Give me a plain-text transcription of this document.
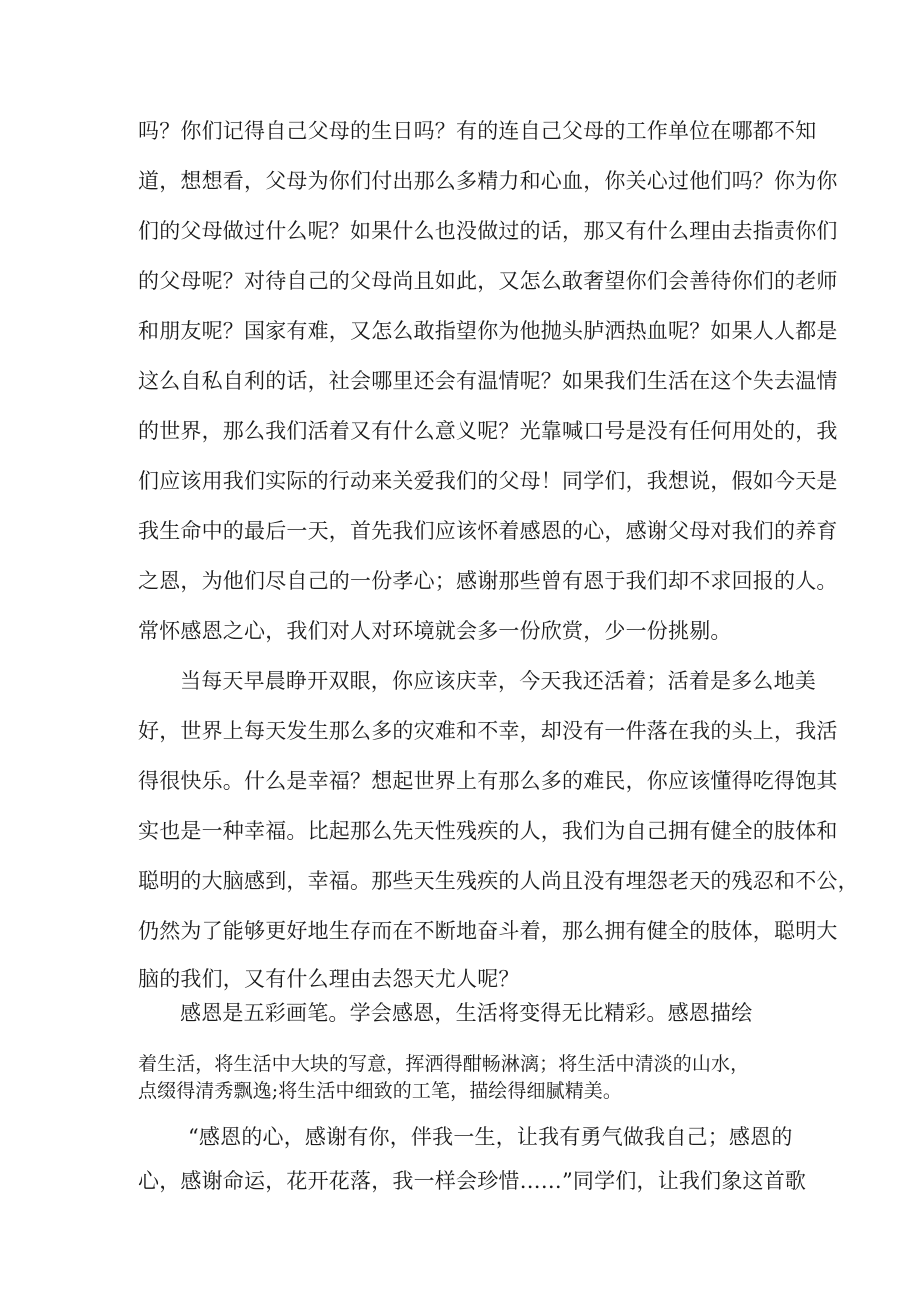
吗？你们记得自己父母的生日吗？有的连自己父母的工作单位在哪都不知
道，想想看，父母为你们付出那么多精力和心血，你关心过他们吗？你为你
们的父母做过什么呢？如果什么也没做过的话，那又有什么理由去指责你们
的父母呢？对待自己的父母尚且如此，又怎么敢奢望你们会善待你们的老师
和朋友呢？国家有难，又怎么敢指望你为他抛头胪洒热血呢？如果人人都是
这么自私自利的话，社会哪里还会有温情呢？如果我们生活在这个失去温情
的世界，那么我们活着又有什么意义呢？光靠喊口号是没有任何用处的，我
们应该用我们实际的行动来关爱我们的父母！同学们，我想说，假如今天是
我生命中的最后一天，首先我们应该怀着感恩的心，感谢父母对我们的养育
之恩，为他们尽自己的一份孝心；感谢那些曾有恩于我们却不求回报的人。
常怀感恩之心，我们对人对环境就会多一份欣赏，少一份挑剔。
当每天早晨睁开双眼，你应该庆幸，今天我还活着；活着是多么地美
好，世界上每天发生那么多的灾难和不幸，却没有一件落在我的头上，我活
得很快乐。什么是幸福？想起世界上有那么多的难民，你应该懂得吃得饱其
实也是一种幸福。比起那么先天性残疾的人，我们为自己拥有健全的肢体和
聪明的大脑感到，幸福。那些天生残疾的人尚且没有埋怨老天的残忍和不公，
仍然为了能够更好地生存而在不断地奋斗着，那么拥有健全的肢体，聪明大
脑的我们，又有什么理由去怨天尤人呢？
感恩是五彩画笔。学会感恩，生活将变得无比精彩。感恩描绘
着生活，将生活中大块的写意，挥洒得酣畅淋漓；将生活中清淡的山水，
点缀得清秀飘逸;将生活中细致的工笔，描绘得细腻精美。
“感恩的心，感谢有你，伴我一生，让我有勇气做我自己；感恩的
心，感谢命运，花开花落，我一样会珍惜……”同学们，让我们象这首歌
